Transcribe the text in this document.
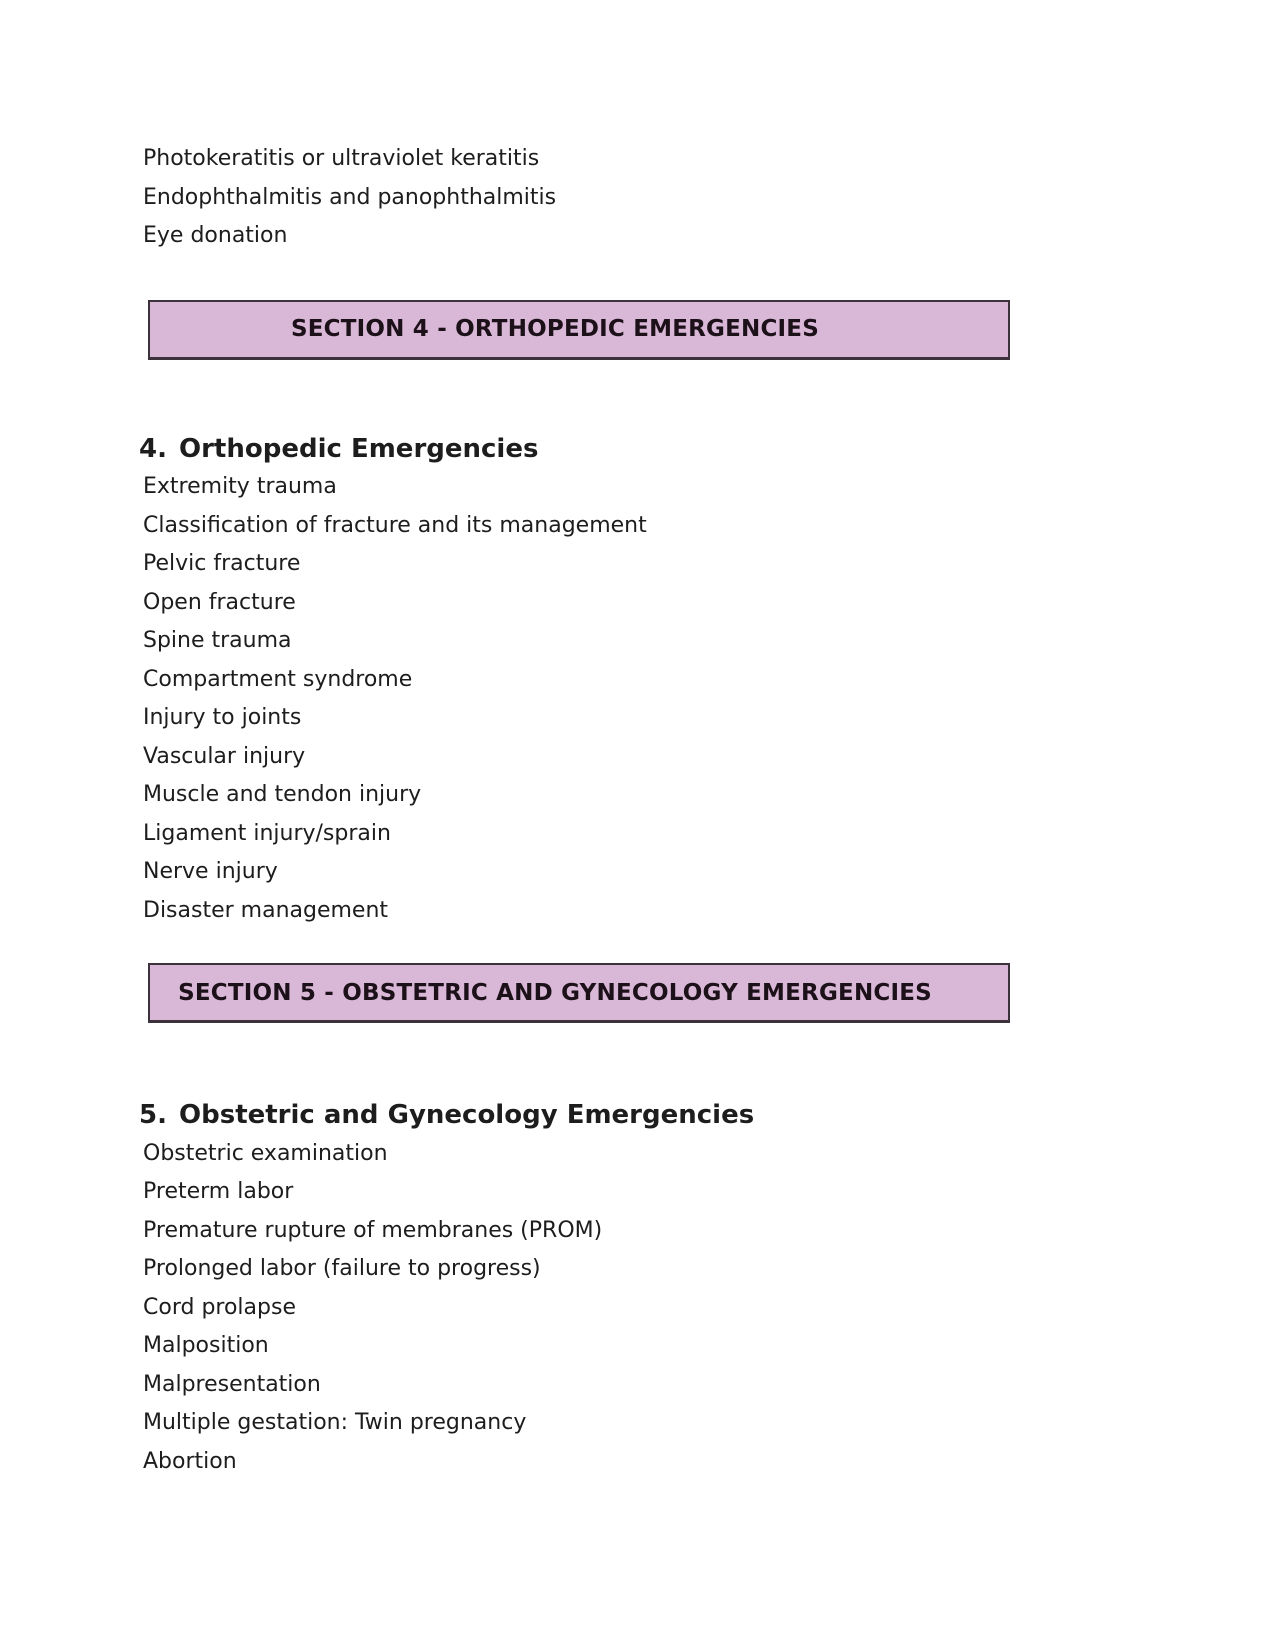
Photokeratitis or ultraviolet keratitis
Endophthalmitis and panophthalmitis
Eye donation
SECTION 4 - ORTHOPEDIC EMERGENCIES
4. Orthopedic Emergencies
Extremity trauma
Classification of fracture and its management
Pelvic fracture
Open fracture
Spine trauma
Compartment syndrome
Injury to joints
Vascular injury
Muscle and tendon injury
Ligament injury/sprain
Nerve injury
Disaster management
SECTION 5 - OBSTETRIC AND GYNECOLOGY EMERGENCIES
5. Obstetric and Gynecology Emergencies
Obstetric examination
Preterm labor
Premature rupture of membranes (PROM)
Prolonged labor (failure to progress)
Cord prolapse
Malposition
Malpresentation
Multiple gestation: Twin pregnancy
Abortion
